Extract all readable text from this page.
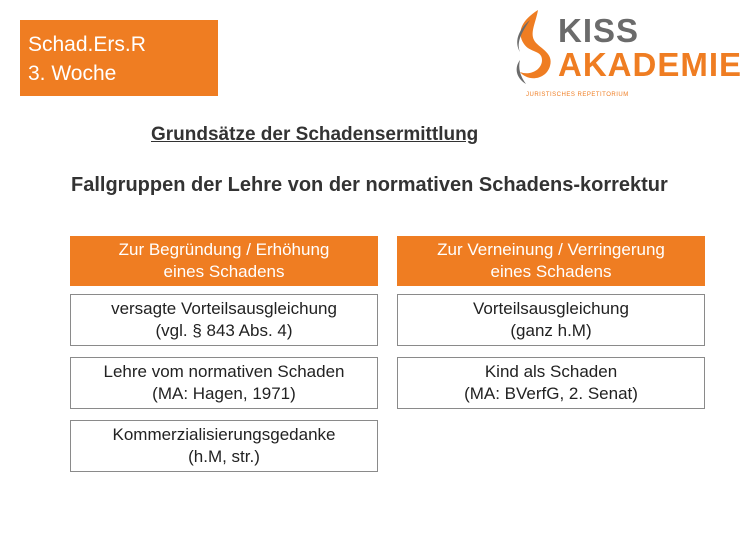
Schad.Ers.R
3. Woche
KISS
AKADEMIE
JURISTISCHES REPETITORIUM
Grundsätze der Schadensermittlung
Fallgruppen der Lehre von der normativen Schadens-korrektur
Zur Begründung / Erhöhung
eines Schadens
Zur Verneinung / Verringerung
eines Schadens
versagte Vorteilsausgleichung
(vgl. § 843 Abs. 4)
Lehre vom normativen Schaden
(MA: Hagen, 1971)
Kommerzialisierungsgedanke
(h.M, str.)
Vorteilsausgleichung
(ganz h.M)
Kind als Schaden
(MA: BVerfG, 2. Senat)
